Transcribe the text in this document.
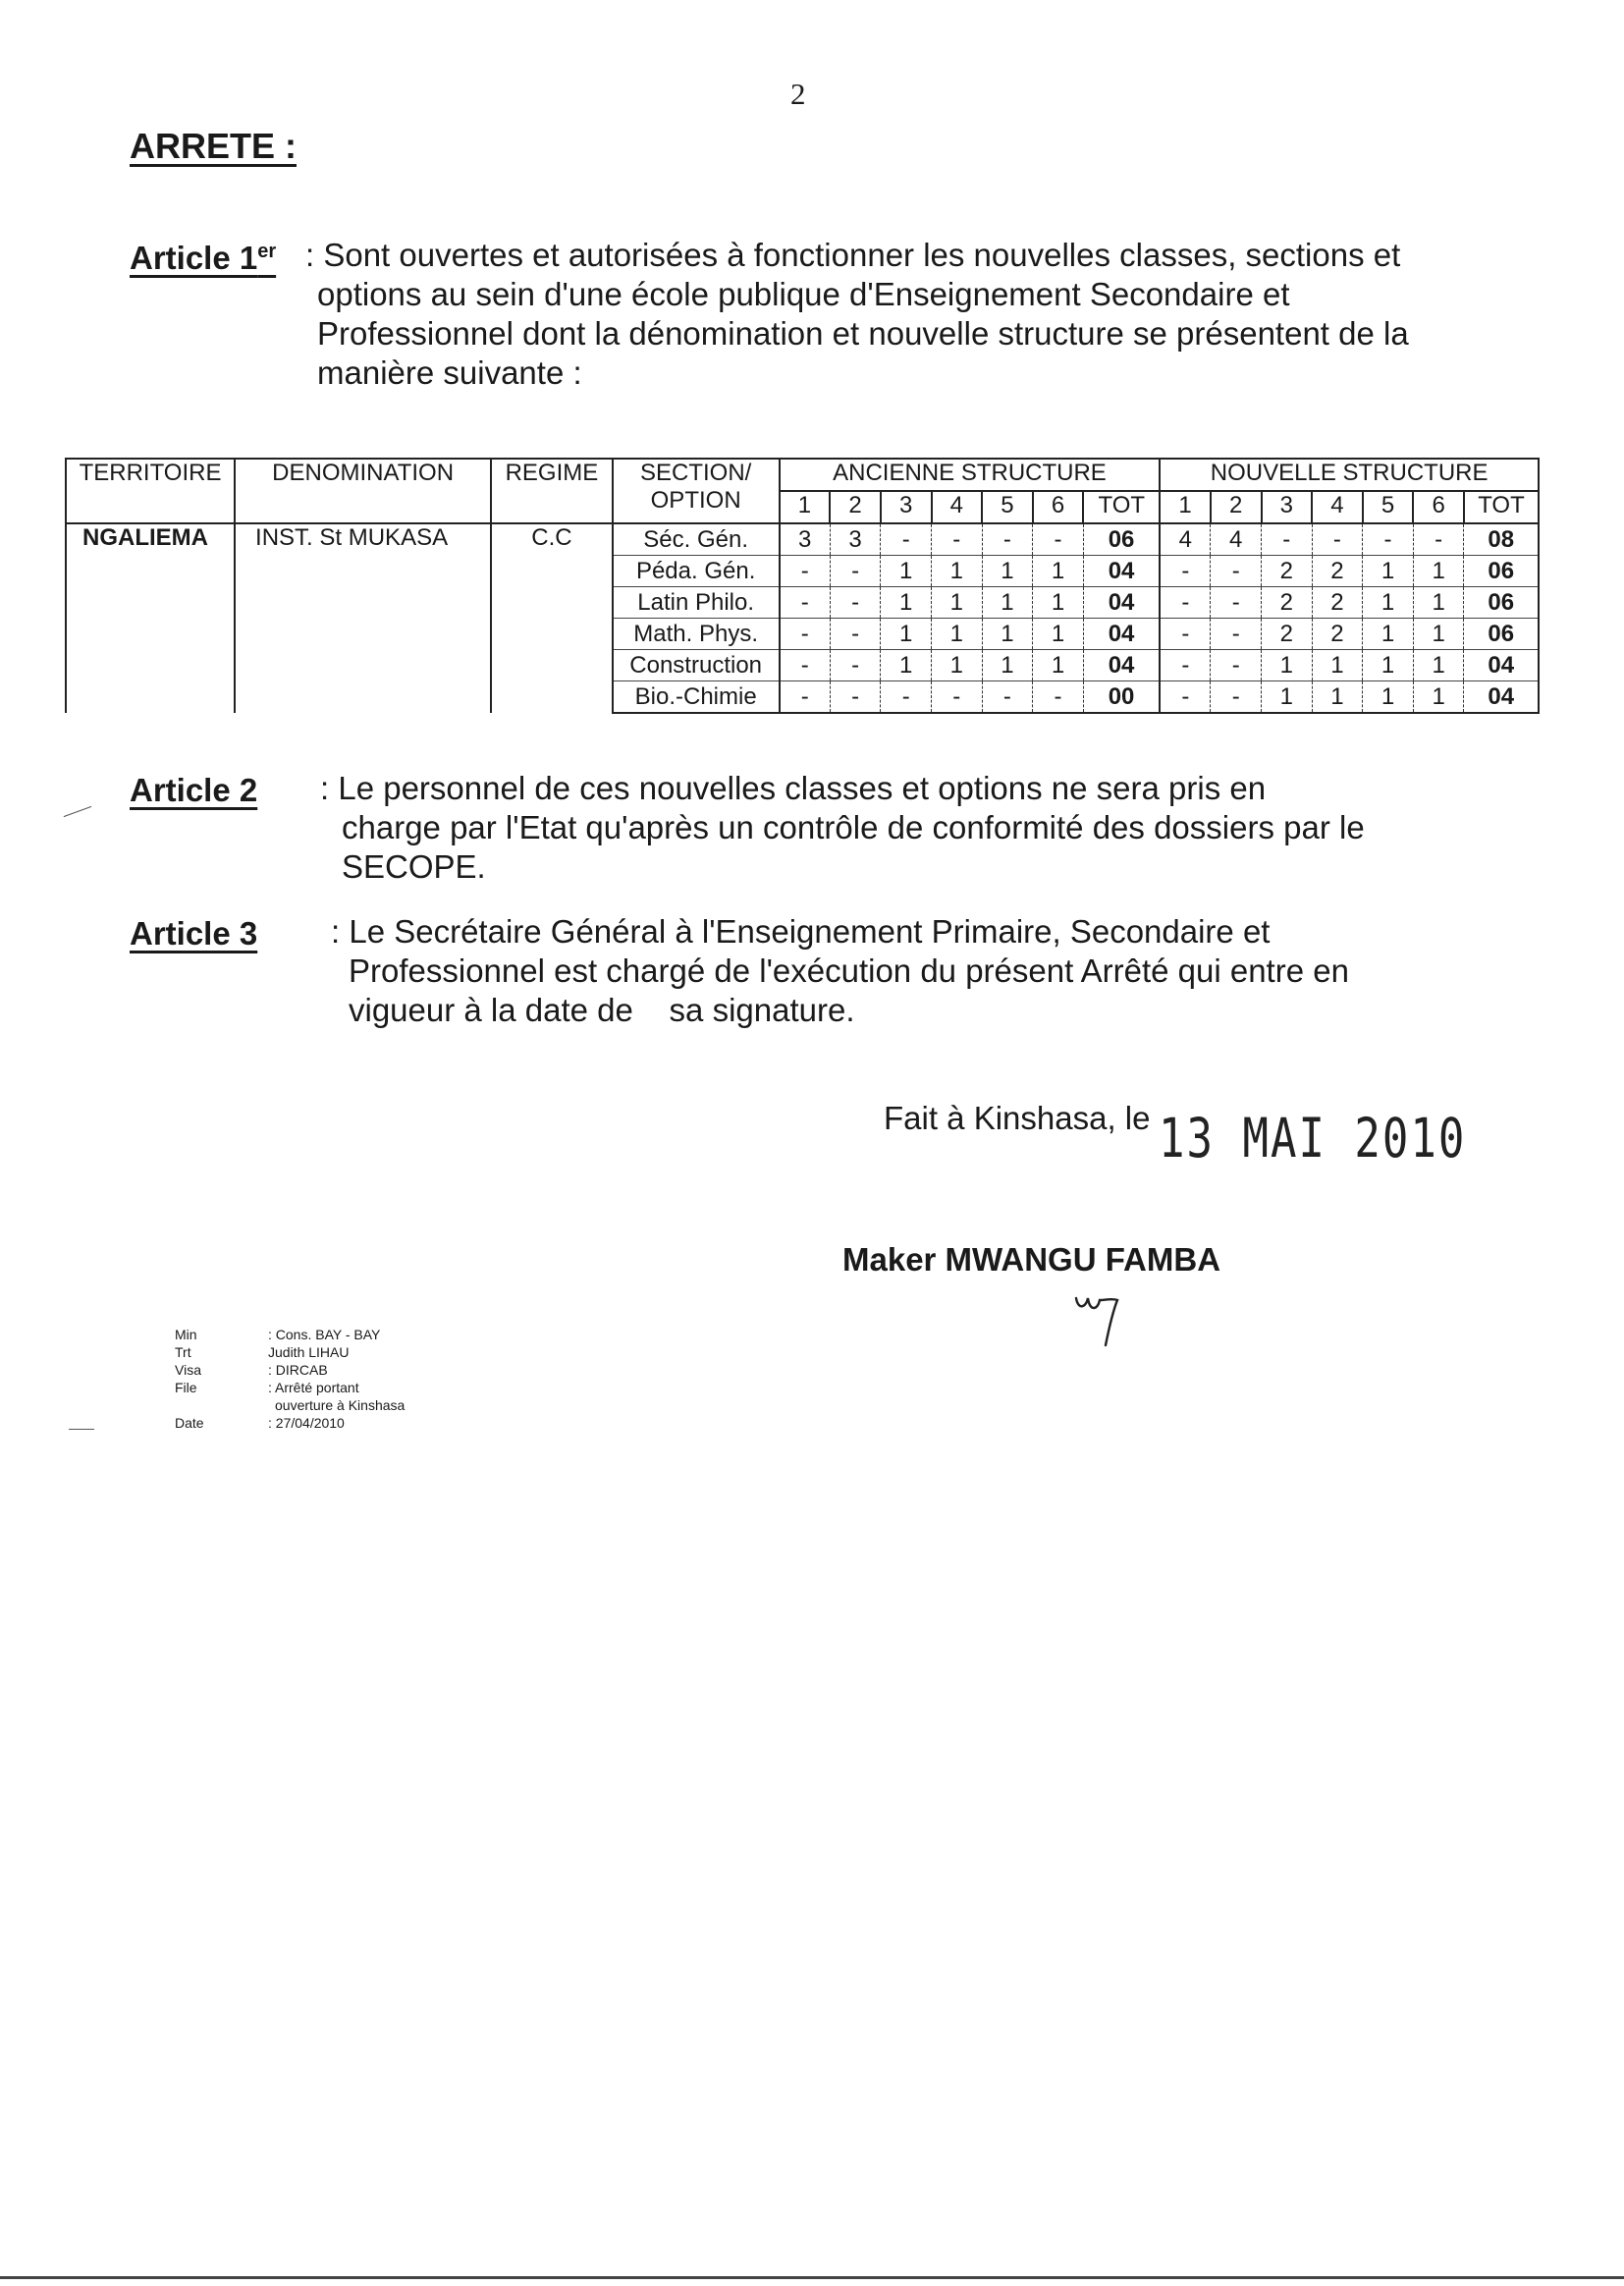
2
ARRETE :
Article 1er : Sont ouvertes et autorisées à fonctionner les nouvelles classes, sections et
options au sein d'une école publique d'Enseignement Secondaire et
Professionnel dont la dénomination et nouvelle structure se présentent de la
manière suivante :
TERRITOIRE	DENOMINATION	REGIME	SECTION/
OPTION	ANCIENNE STRUCTURE							NOUVELLE STRUCTURE						
				1	2	3	4	5	6	TOT	1	2	3	4	5	6	TOT
NGALIEMA	INST. St MUKASA	C.C	Séc. Gén.	3	3	-	-	-	-	06	4	4	-	-	-	-	08
			Péda. Gén.	-	-	1	1	1	1	04	-	-	2	2	1	1	06
			Latin Philo.	-	-	1	1	1	1	04	-	-	2	2	1	1	06
			Math. Phys.	-	-	1	1	1	1	04	-	-	2	2	1	1	06
			Construction	-	-	1	1	1	1	04	-	-	1	1	1	1	04
			Bio.-Chimie	-	-	-	-	-	-	00	-	-	1	1	1	1	04
Article 2 : Le personnel de ces nouvelles classes et options ne sera pris en
charge par l'Etat qu'après un contrôle de conformité des dossiers par le
SECOPE.
Article 3 : Le Secrétaire Général à l'Enseignement Primaire, Secondaire et
Professionnel est chargé de l'exécution du présent Arrêté qui entre en
vigueur à la date de    sa signature.
Fait à Kinshasa, le 13 MAI 2010
Maker MWANGU FAMBA
Min	: Cons. BAY - BAY
Trt	Judith LIHAU
Visa	: DIRCAB
File	: Arrêté portant
ouverture à Kinshasa
Date	: 27/04/2010
